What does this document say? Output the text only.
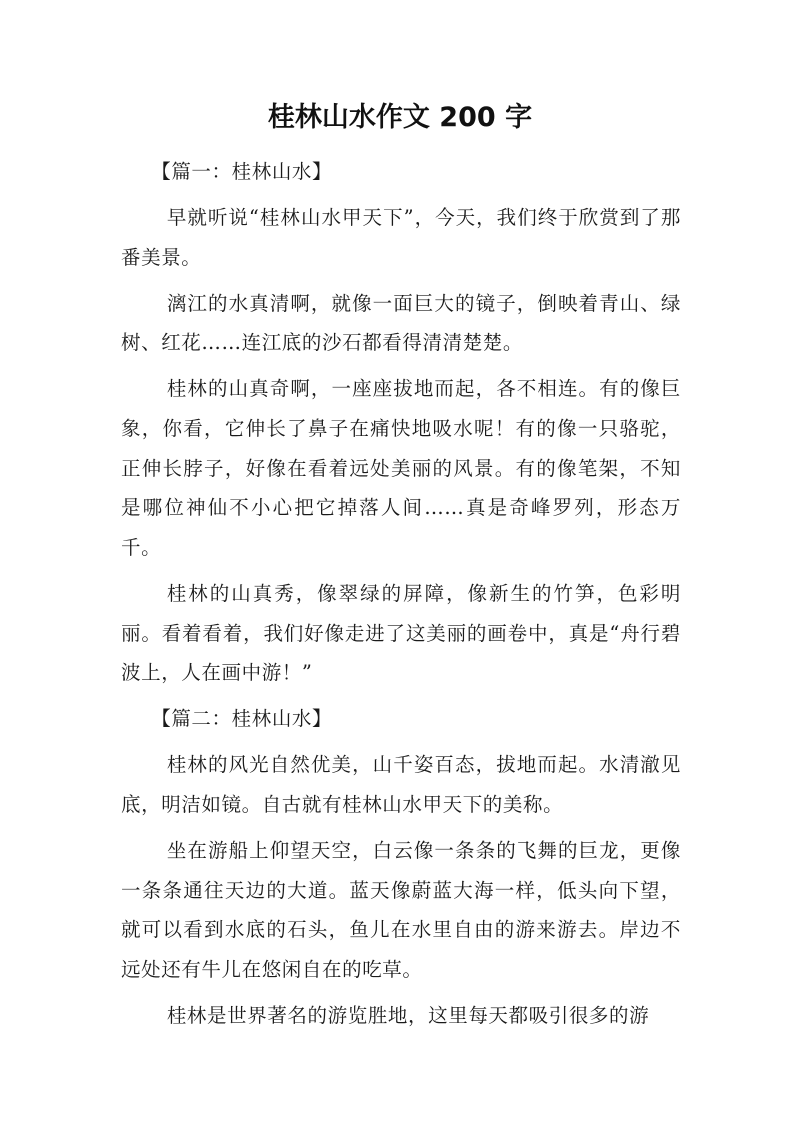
桂林山水作文 200 字

【篇一：桂林山水】

早就听说“桂林山水甲天下”，今天，我们终于欣赏到了那番美景。

漓江的水真清啊，就像一面巨大的镜子，倒映着青山、绿树、红花……连江底的沙石都看得清清楚楚。

桂林的山真奇啊，一座座拔地而起，各不相连。有的像巨象，你看，它伸长了鼻子在痛快地吸水呢！有的像一只骆驼，正伸长脖子，好像在看着远处美丽的风景。有的像笔架，不知是哪位神仙不小心把它掉落人间……真是奇峰罗列，形态万千。

桂林的山真秀，像翠绿的屏障，像新生的竹笋，色彩明丽。看着看着，我们好像走进了这美丽的画卷中，真是“舟行碧波上，人在画中游！”

【篇二：桂林山水】

桂林的风光自然优美，山千姿百态，拔地而起。水清澈见底，明洁如镜。自古就有桂林山水甲天下的美称。

坐在游船上仰望天空，白云像一条条的飞舞的巨龙，更像一条条通往天边的大道。蓝天像蔚蓝大海一样，低头向下望，就可以看到水底的石头，鱼儿在水里自由的游来游去。岸边不远处还有牛儿在悠闲自在的吃草。

桂林是世界著名的游览胜地，这里每天都吸引很多的游
